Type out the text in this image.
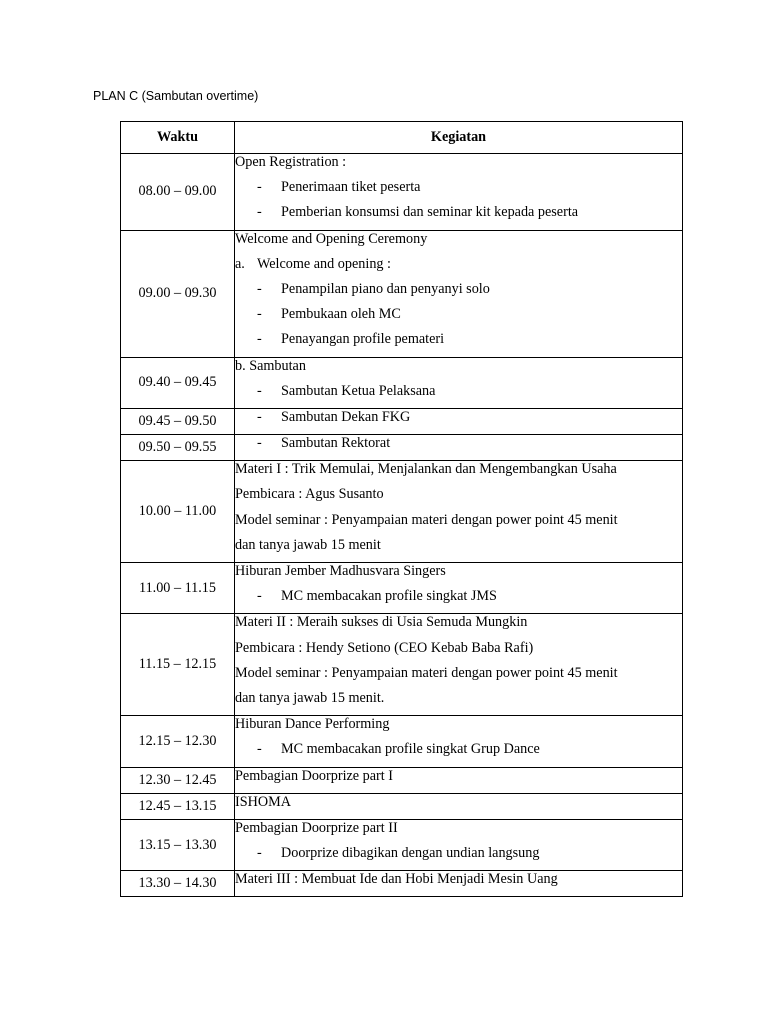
PLAN C (Sambutan overtime)
Waktu	Kegiatan
08.00 – 09.00	Open Registration :
- Penerimaan tiket peserta
- Pemberian konsumsi dan seminar kit kepada peserta

09.00 – 09.30	Welcome and Opening Ceremony
a. Welcome and opening :
- Penampilan piano dan penyanyi solo
- Pembukaan oleh MC
- Penayangan profile pemateri

09.40 – 09.45	b. Sambutan
- Sambutan Ketua Pelaksana

09.45 – 09.50	- Sambutan Dekan FKG

09.50 – 09.55	- Sambutan Rektorat

10.00 – 11.00	Materi I : Trik Memulai, Menjalankan dan Mengembangkan Usaha
Pembicara : Agus Susanto
Model seminar : Penyampaian materi dengan power point 45 menit
dan tanya jawab 15 menit

11.00 – 11.15	Hiburan Jember Madhusvara Singers
- MC membacakan profile singkat JMS

11.15 – 12.15	Materi II : Meraih sukses di Usia Semuda Mungkin
Pembicara : Hendy Setiono (CEO Kebab Baba Rafi)
Model seminar : Penyampaian materi dengan power point 45 menit
dan tanya jawab 15 menit.

12.15 – 12.30	Hiburan Dance Performing
- MC membacakan profile singkat Grup Dance

12.30 – 12.45	Pembagian Doorprize part I

12.45 – 13.15	ISHOMA

13.15 – 13.30	Pembagian Doorprize part II
- Doorprize dibagikan dengan undian langsung

13.30 – 14.30	Materi III : Membuat Ide dan Hobi Menjadi Mesin Uang
